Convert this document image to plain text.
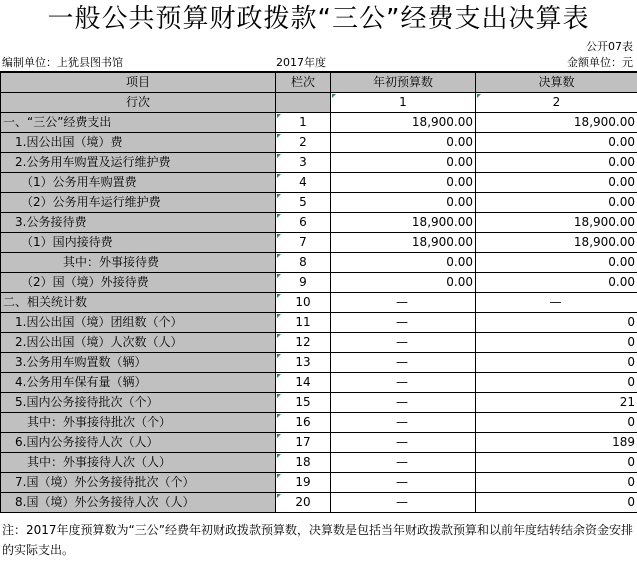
一般公共预算财政拨款“三公”经费支出决算表
公开07表
编制单位：上犹县图书馆	2017年度	金额单位：元
项目	栏次	年初预算数	决算数
行次		1	2
一、“三公”经费支出	1	18,900.00	18,900.00
　1.因公出国（境）费	2	0.00	0.00
　2.公务用车购置及运行维护费	3	0.00	0.00
　　（1）公务用车购置费	4	0.00	0.00
　　（2）公务用车运行维护费	5	0.00	0.00
　3.公务接待费	6	18,900.00	18,900.00
　　（1）国内接待费	7	18,900.00	18,900.00
　　　　　其中：外事接待费	8	0.00	0.00
　　（2）国（境）外接待费	9	0.00	0.00
二、相关统计数	10	—	—
　1.因公出国（境）团组数（个）	11	—	0
　2.因公出国（境）人次数（人）	12	—	0
　3.公务用车购置数（辆）	13	—	0
　4.公务用车保有量（辆）	14	—	0
　5.国内公务接待批次（个）	15	—	21
　　其中：外事接待批次（个）	16	—	0
　6.国内公务接待人次（人）	17	—	189
　　其中：外事接待人次（人）	18	—	0
　7.国（境）外公务接待批次（个）	19	—	0
　8.国（境）外公务接待人次（人）	20	—	0
注：2017年度预算数为“三公”经费年初财政拨款预算数，决算数是包括当年财政拨款预算和以前年度结转结余资金安排的实际支出。
